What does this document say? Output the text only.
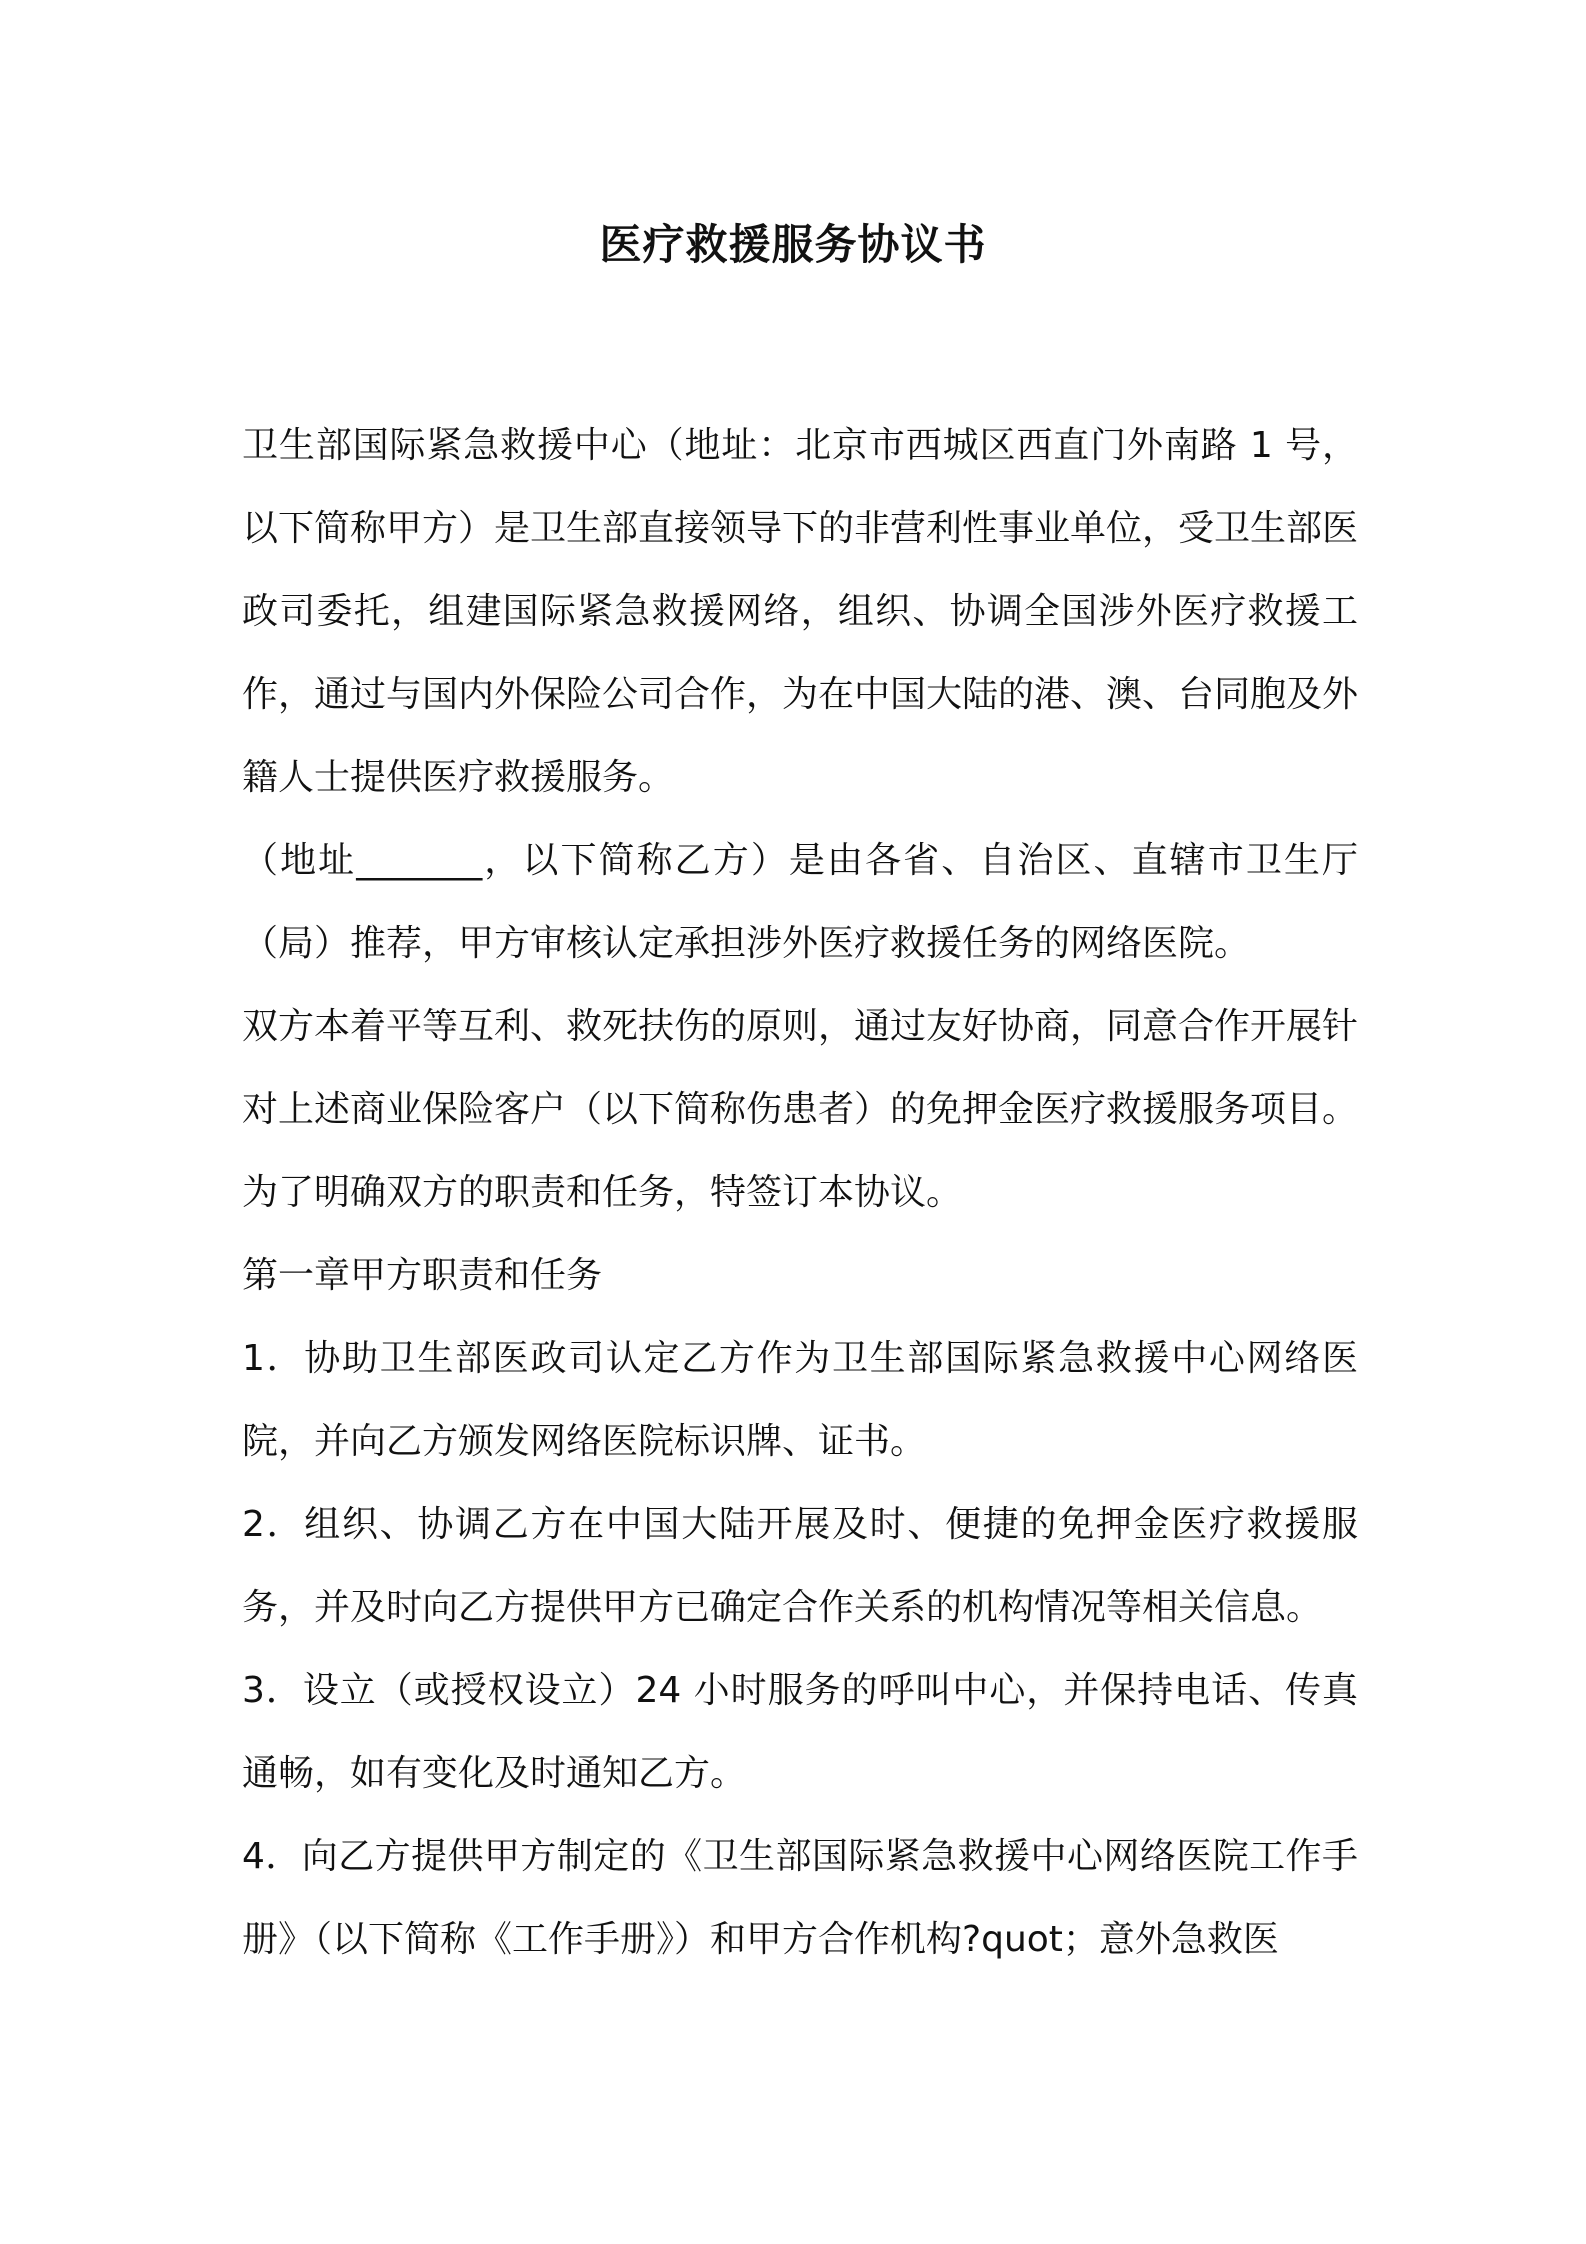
医疗救援服务协议书

卫生部国际紧急救援中心（地址：北京市西城区西直门外南路 1 号，以下简称甲方）是卫生部直接领导下的非营利性事业单位，受卫生部医政司委托，组建国际紧急救援网络，组织、协调全国涉外医疗救援工作，通过与国内外保险公司合作，为在中国大陆的港、澳、台同胞及外籍人士提供医疗救援服务。

（地址_______，以下简称乙方）是由各省、自治区、直辖市卫生厅（局）推荐，甲方审核认定承担涉外医疗救援任务的网络医院。

双方本着平等互利、救死扶伤的原则，通过友好协商，同意合作开展针对上述商业保险客户（以下简称伤患者）的免押金医疗救援服务项目。为了明确双方的职责和任务，特签订本协议。

第一章甲方职责和任务

1．协助卫生部医政司认定乙方作为卫生部国际紧急救援中心网络医院，并向乙方颁发网络医院标识牌、证书。

2．组织、协调乙方在中国大陆开展及时、便捷的免押金医疗救援服务，并及时向乙方提供甲方已确定合作关系的机构情况等相关信息。

3．设立（或授权设立）24 小时服务的呼叫中心，并保持电话、传真通畅，如有变化及时通知乙方。

4．向乙方提供甲方制定的《卫生部国际紧急救援中心网络医院工作手册》（以下简称《工作手册》）和甲方合作机构?quot；意外急救医
